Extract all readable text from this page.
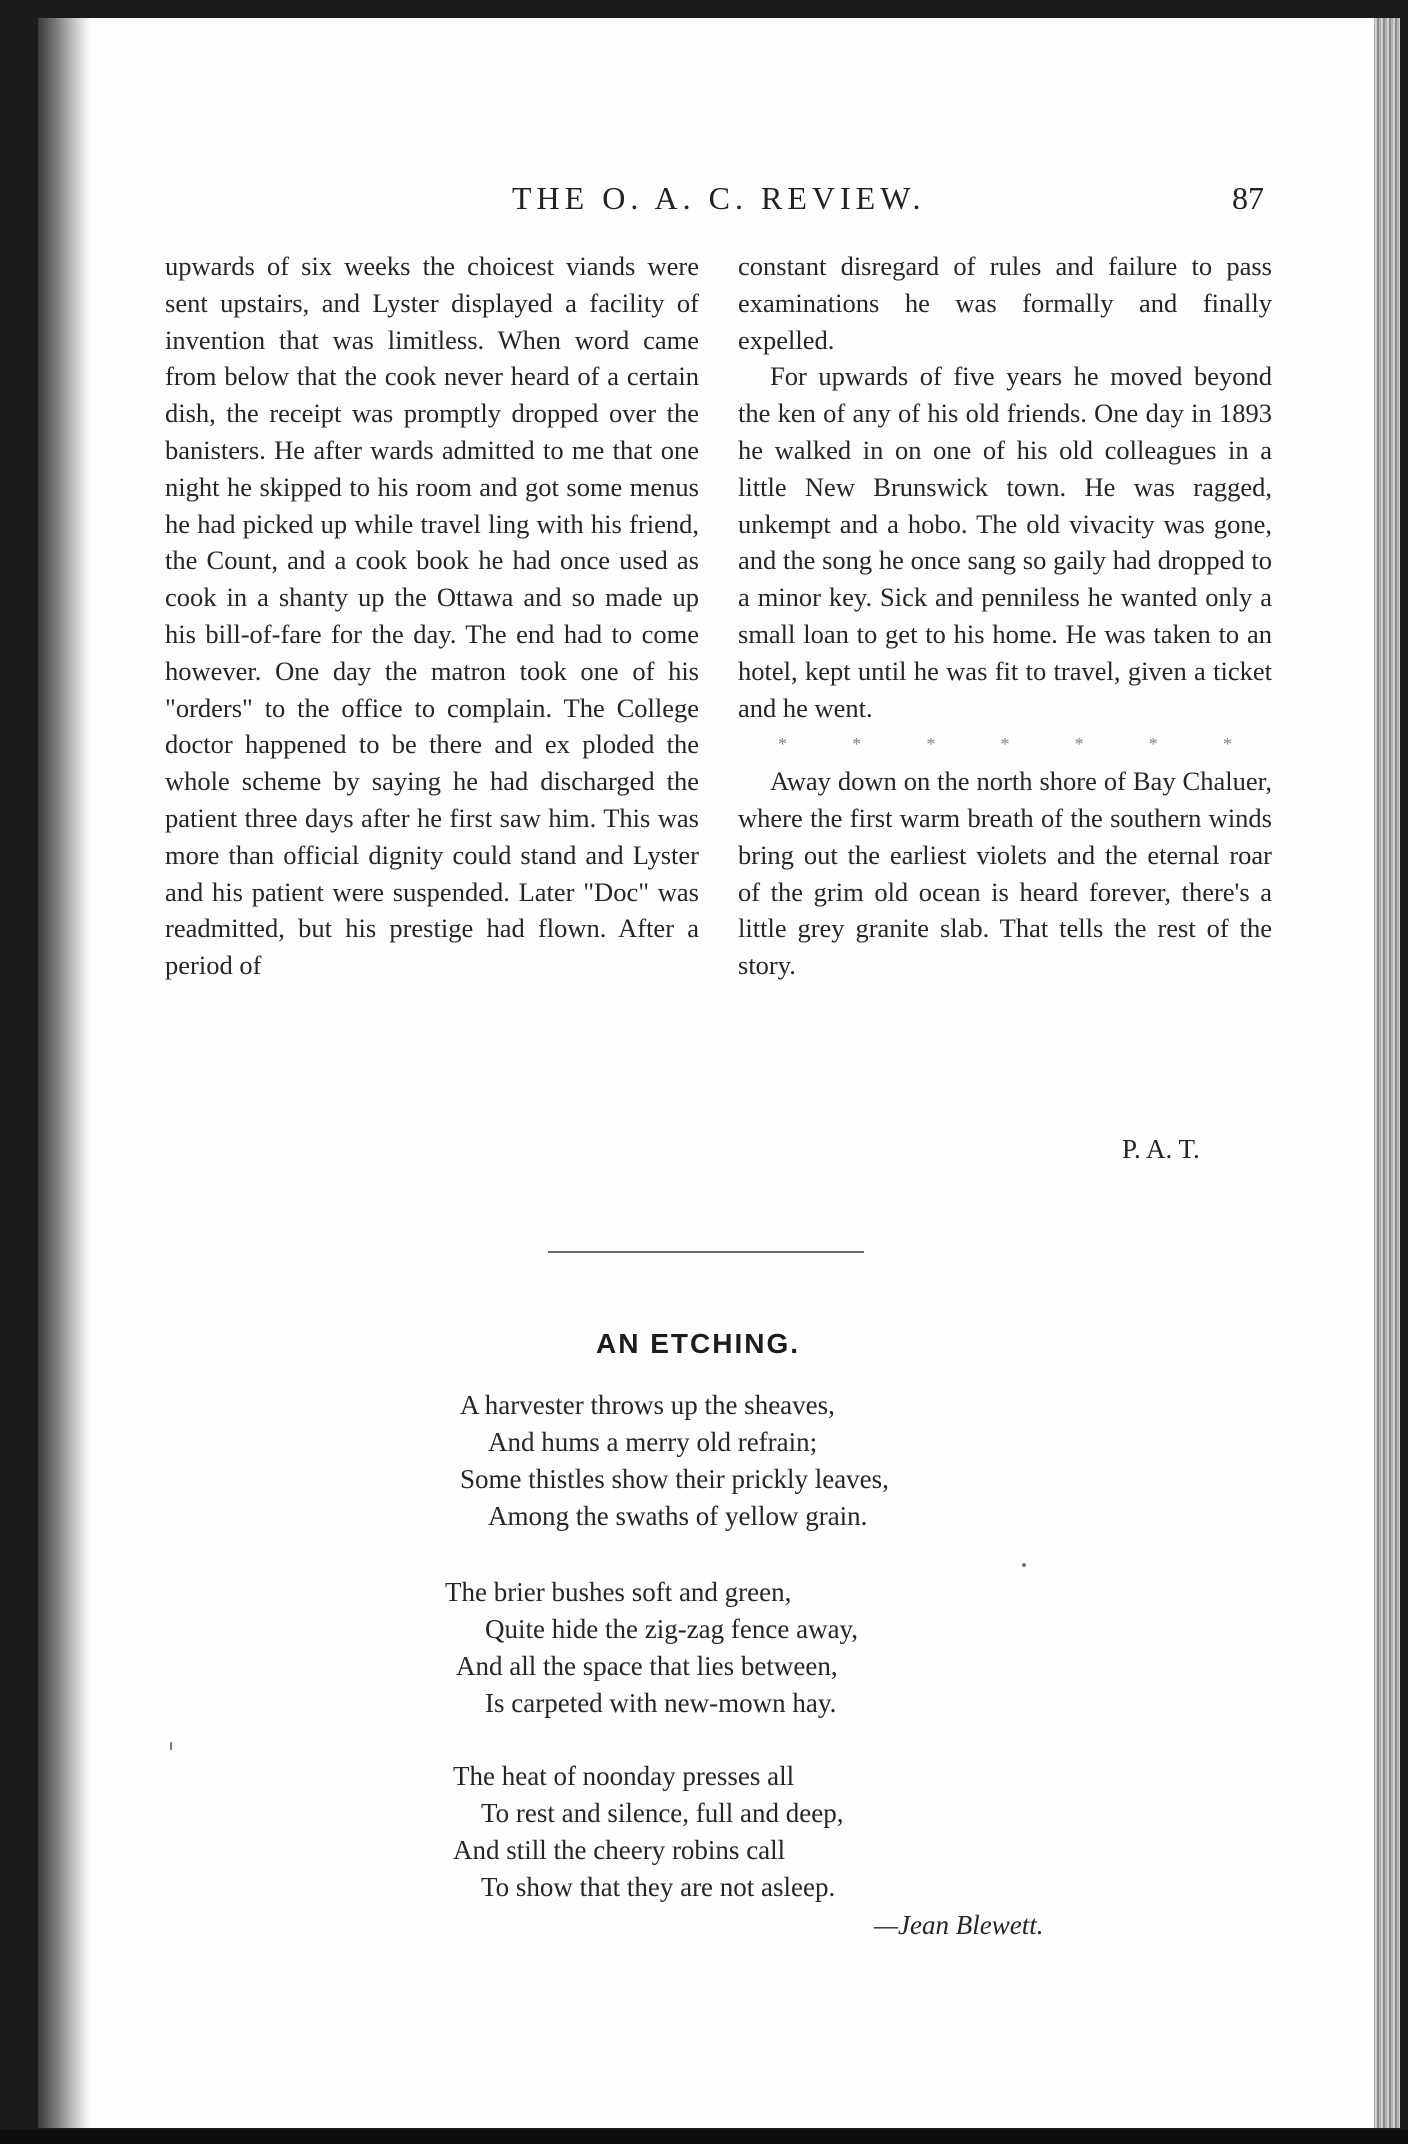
THE O. A. C. REVIEW.	87

upwards of six weeks the choicest viands were sent upstairs, and Lyster displayed a facility of invention that was limitless. When word came from below that the cook never heard of a certain dish, the receipt was promptly dropped over the banisters. He after wards admitted to me that one night he skipped to his room and got some menus he had picked up while travel ling with his friend, the Count, and a cook book he had once used as cook in a shanty up the Ottawa and so made up his bill-of-fare for the day. The end had to come however. One day the matron took one of his "orders" to the office to complain. The College doctor happened to be there and ex ploded the whole scheme by saying he had discharged the patient three days after he first saw him. This was more than official dignity could stand and Lyster and his patient were suspended. Later "Doc" was readmitted, but his prestige had flown. After a period of

constant disregard of rules and failure to pass examinations he was formally and finally expelled.

For upwards of five years he moved beyond the ken of any of his old friends. One day in 1893 he walked in on one of his old colleagues in a little New Brunswick town. He was ragged, unkempt and a hobo. The old vivacity was gone, and the song he once sang so gaily had dropped to a minor key. Sick and penniless he wanted only a small loan to get to his home. He was taken to an hotel, kept until he was fit to travel, given a ticket and he went.

*	*	*	*	*	*	*

Away down on the north shore of Bay Chaluer, where the first warm breath of the southern winds bring out the earliest violets and the eternal roar of the grim old ocean is heard forever, there's a little grey granite slab. That tells the rest of the story.

P. A. T.
AN ETCHING.
A harvester throws up the sheaves,
And hums a merry old refrain;
Some thistles show their prickly leaves,
Among the swaths of yellow grain.
The brier bushes soft and green,
Quite hide the zig-zag fence away,
And all the space that lies between,
Is carpeted with new-mown hay.
The heat of noonday presses all
To rest and silence, full and deep,
And still the cheery robins call
To show that they are not asleep.
—Jean Blewett.
